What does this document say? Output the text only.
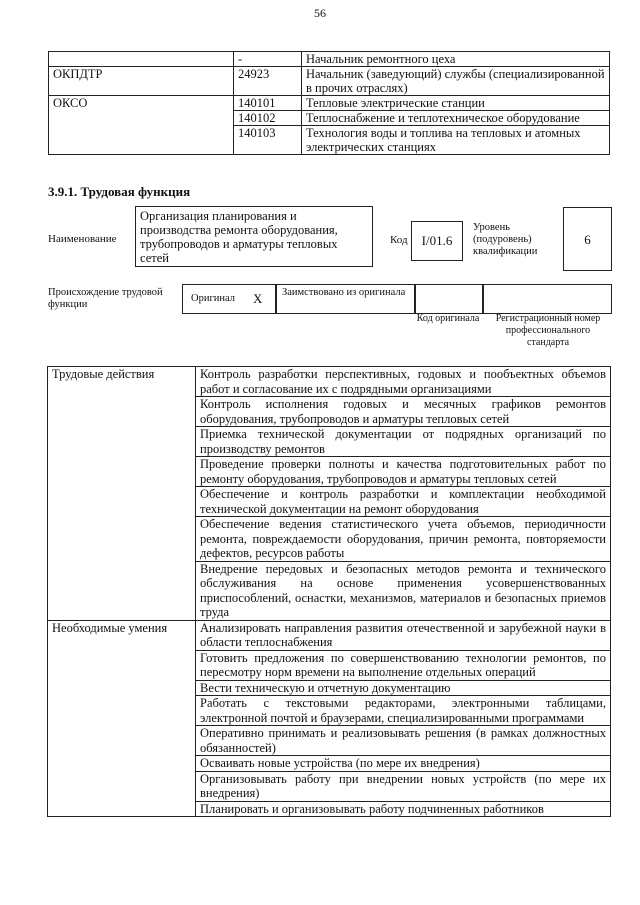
56
	-	Начальник ремонтного цеха
ОКПДТР	24923	Начальник (заведующий) службы (специализированной в прочих отраслях)
ОКСО	140101	Тепловые электрические станции
	140102	Теплоснабжение и теплотехническое оборудование
	140103	Технология воды и топлива на тепловых и атомных электрических станциях
3.9.1. Трудовая функция
Наименование
Организация планирования и производства ремонта оборудования, трубопроводов и арматуры тепловых сетей
Код	I/01.6
Уровень (подуровень) квалификации
6
Происхождение трудовой функции
Оригинал X	Заимствовано из оригинала
Код оригинала	Регистрационный номер профессионального стандарта
Трудовые действия	Контроль разработки перспективных, годовых и пообъектных объемов работ и согласование их с подрядными организациями
	Контроль исполнения годовых и месячных графиков ремонтов оборудования, трубопроводов и арматуры тепловых сетей
	Приемка технической документации от подрядных организаций по производству ремонтов
	Проведение проверки полноты и качества подготовительных работ по ремонту оборудования, трубопроводов и арматуры тепловых сетей
	Обеспечение и контроль разработки и комплектации необходимой технической документации на ремонт оборудования
	Обеспечение ведения статистического учета объемов, периодичности ремонта, повреждаемости оборудования, причин ремонта, повторяемости дефектов, ресурсов работы
	Внедрение передовых и безопасных методов ремонта и технического обслуживания на основе применения усовершенствованных приспособлений, оснастки, механизмов, материалов и безопасных приемов труда
Необходимые умения	Анализировать направления развития отечественной и зарубежной науки в области теплоснабжения
	Готовить предложения по совершенствованию технологии ремонтов, по пересмотру норм времени на выполнение отдельных операций
	Вести техническую и отчетную документацию
	Работать с текстовыми редакторами, электронными таблицами, электронной почтой и браузерами, специализированными программами
	Оперативно принимать и реализовывать решения (в рамках должностных обязанностей)
	Осваивать новые устройства (по мере их внедрения)
	Организовывать работу при внедрении новых устройств (по мере их внедрения)
	Планировать и организовывать работу подчиненных работников
